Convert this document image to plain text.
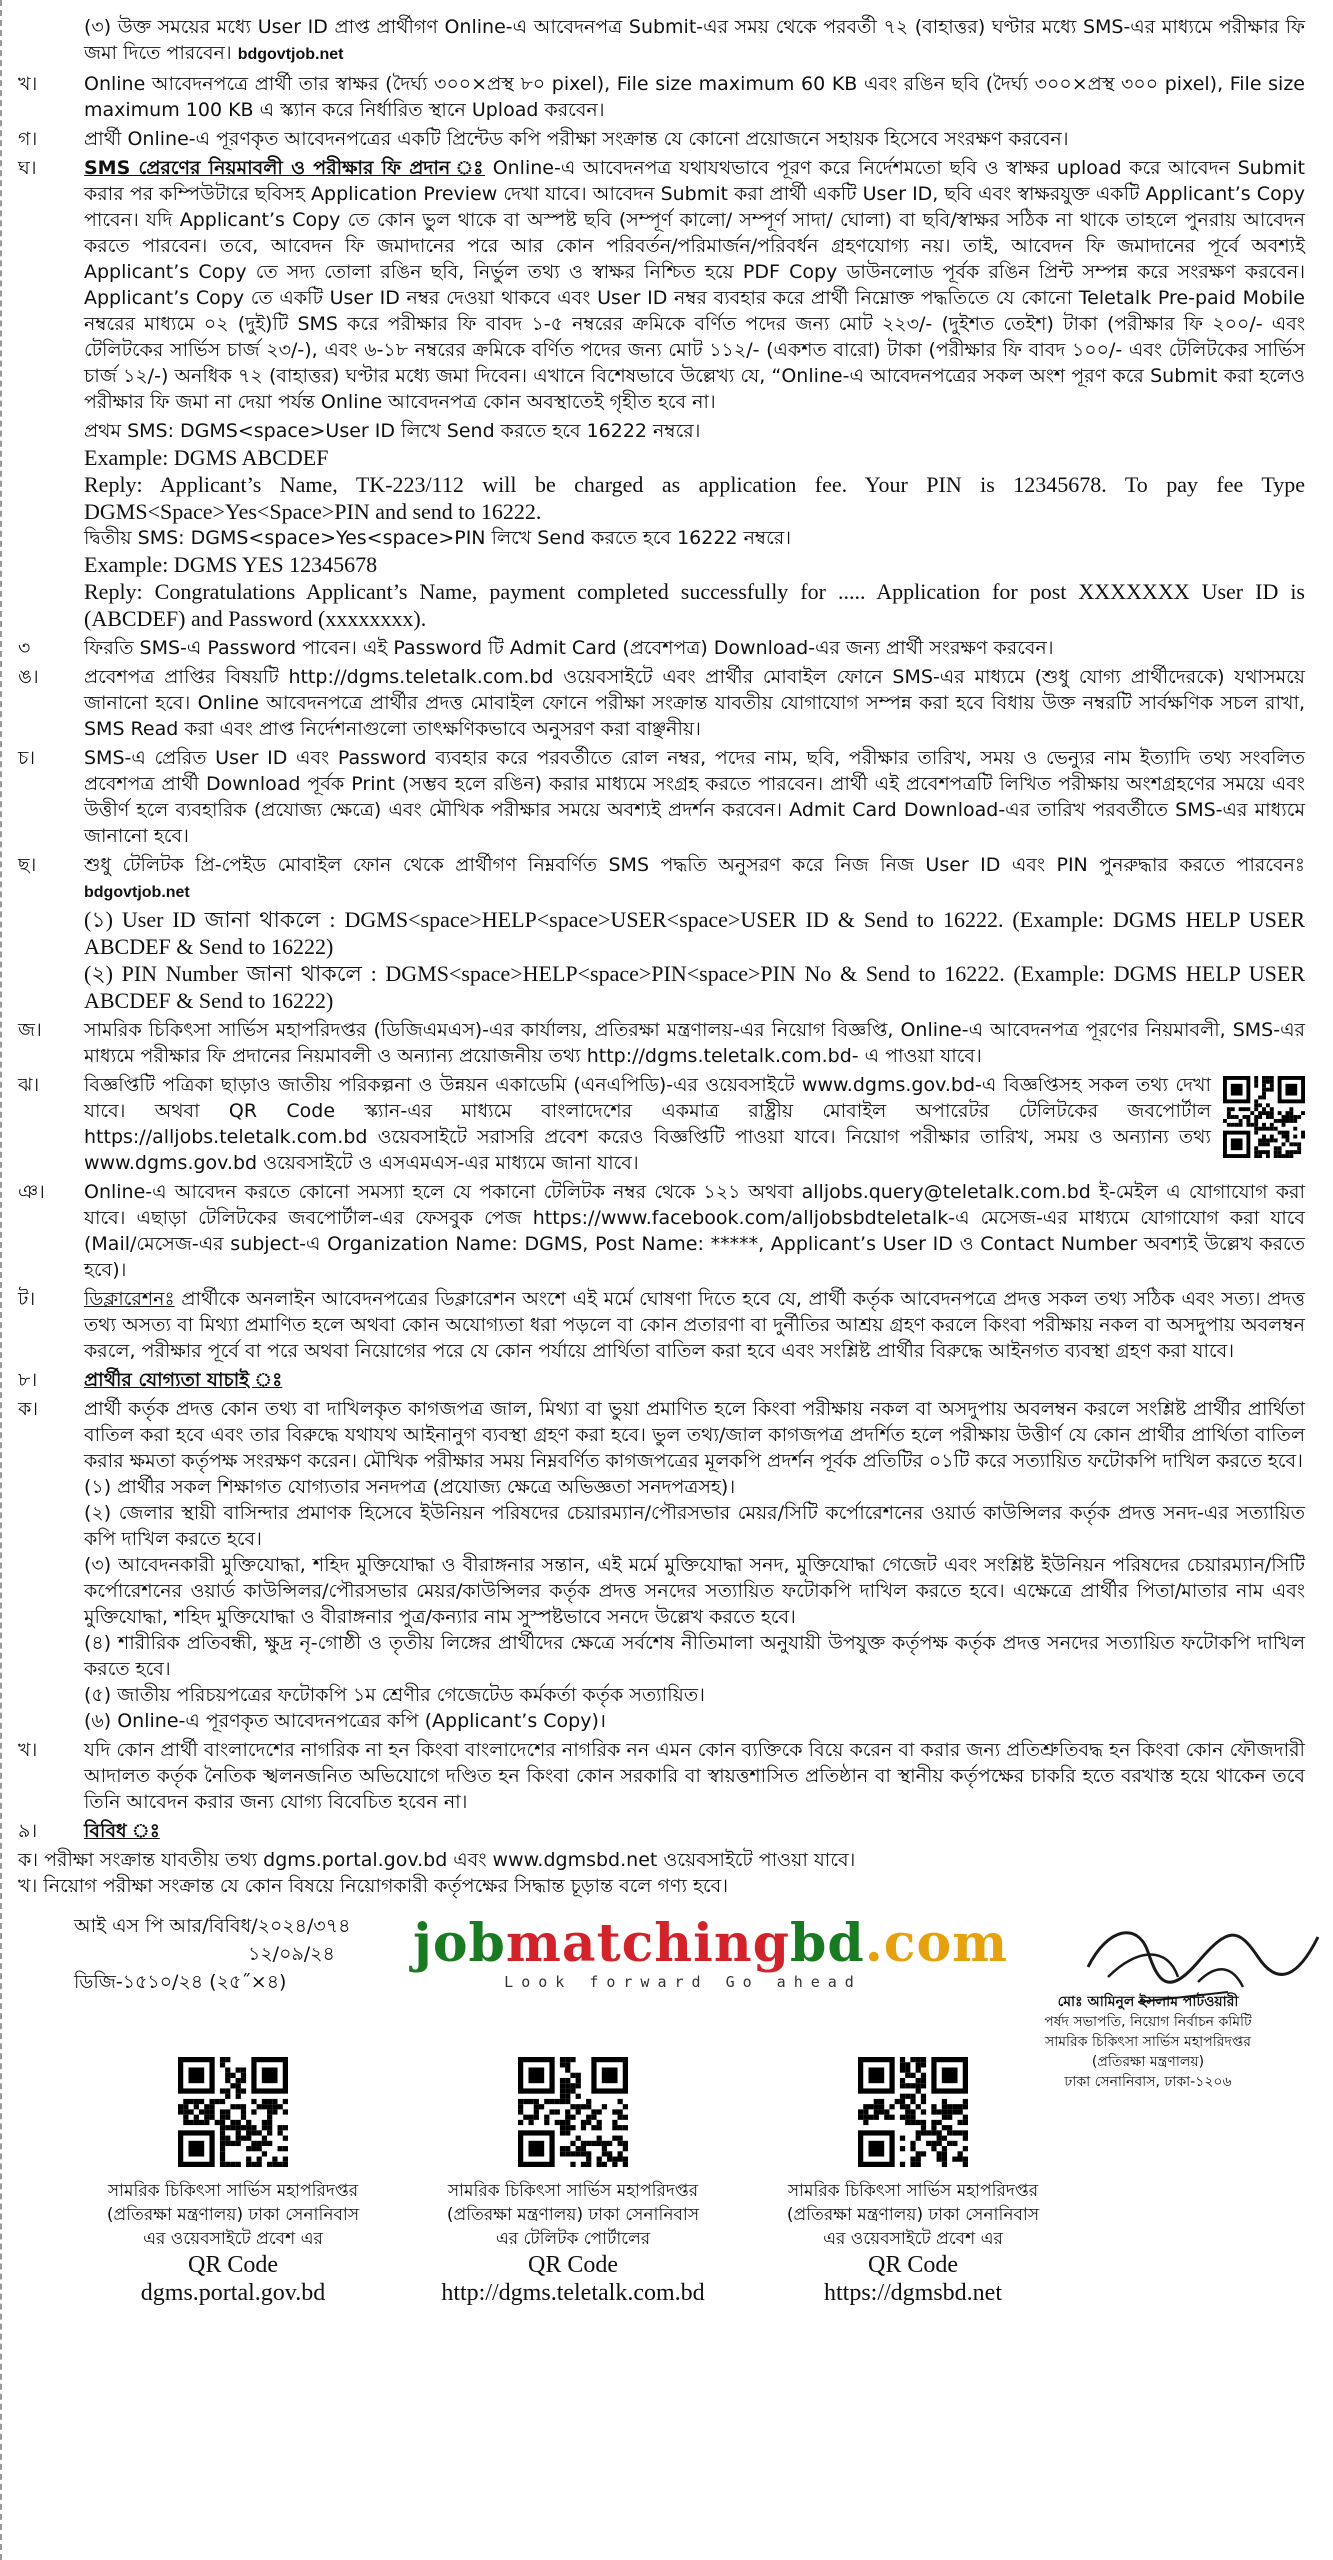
(৩) উক্ত সময়ের মধ্যে User ID প্রাপ্ত প্রার্থীগণ Online-এ আবেদনপত্র Submit-এর সময় থেকে পরবর্তী ৭২ (বাহাত্তর) ঘণ্টার মধ্যে SMS-এর মাধ্যমে পরীক্ষার ফি জমা দিতে পারবেন। bdgovtjob.net
খ।	Online আবেদনপত্রে প্রার্থী তার স্বাক্ষর (দৈর্ঘ্য ৩০০×প্রস্থ ৮০ pixel), File size maximum 60 KB এবং রঙিন ছবি (দৈর্ঘ্য ৩০০×প্রস্থ ৩০০ pixel), File size maximum 100 KB এ স্ক্যান করে নির্ধারিত স্থানে Upload করবেন।
গ।	প্রার্থী Online-এ পূরণকৃত আবেদনপত্রের একটি প্রিন্টেড কপি পরীক্ষা সংক্রান্ত যে কোনো প্রয়োজনে সহায়ক হিসেবে সংরক্ষণ করবেন।
ঘ।	SMS প্রেরণের নিয়মাবলী ও পরীক্ষার ফি প্রদান ঃ Online-এ আবেদনপত্র যথাযথভাবে পূরণ করে নির্দেশমতো ছবি ও স্বাক্ষর upload করে আবেদন Submit করার পর কম্পিউটারে ছবিসহ Application Preview দেখা যাবে। আবেদন Submit করা প্রার্থী একটি User ID, ছবি এবং স্বাক্ষরযুক্ত একটি Applicant’s Copy পাবেন। যদি Applicant’s Copy তে কোন ভুল থাকে বা অস্পষ্ট ছবি (সম্পূর্ণ কালো/ সম্পূর্ণ সাদা/ ঘোলা) বা ছবি/স্বাক্ষর সঠিক না থাকে তাহলে পুনরায় আবেদন করতে পারবেন। তবে, আবেদন ফি জমাদানের পরে আর কোন পরিবর্তন/পরিমার্জন/পরিবর্ধন গ্রহণযোগ্য নয়। তাই, আবেদন ফি জমাদানের পূর্বে অবশ্যই Applicant’s Copy তে সদ্য তোলা রঙিন ছবি, নির্ভুল তথ্য ও স্বাক্ষর নিশ্চিত হয়ে PDF Copy ডাউনলোড পূর্বক রঙিন প্রিন্ট সম্পন্ন করে সংরক্ষণ করবেন। Applicant’s Copy তে একটি User ID নম্বর দেওয়া থাকবে এবং User ID নম্বর ব্যবহার করে প্রার্থী নিম্নোক্ত পদ্ধতিতে যে কোনো Teletalk Pre-paid Mobile নম্বরের মাধ্যমে ০২ (দুই)টি SMS করে পরীক্ষার ফি বাবদ ১-৫ নম্বরের ক্রমিকে বর্ণিত পদের জন্য মোট ২২৩/- (দুইশত তেইশ) টাকা (পরীক্ষার ফি ২০০/- এবং টেলিটকের সার্ভিস চার্জ ২৩/-), এবং ৬-১৮ নম্বরের ক্রমিকে বর্ণিত পদের জন্য মোট ১১২/- (একশত বারো) টাকা (পরীক্ষার ফি বাবদ ১০০/- এবং টেলিটকের সার্ভিস চার্জ ১২/-) অনধিক ৭২ (বাহাত্তর) ঘণ্টার মধ্যে জমা দিবেন। এখানে বিশেষভাবে উল্লেখ্য যে, “Online-এ আবেদনপত্রের সকল অংশ পূরণ করে Submit করা হলেও পরীক্ষার ফি জমা না দেয়া পর্যন্ত Online আবেদনপত্র কোন অবস্থাতেই গৃহীত হবে না।
প্রথম SMS: DGMS<space>User ID লিখে Send করতে হবে 16222 নম্বরে।
Example: DGMS ABCDEF
Reply: Applicant’s Name, TK-223/112 will be charged as application fee. Your PIN is 12345678. To pay fee Type DGMS<Space>Yes<Space>PIN and send to 16222.
দ্বিতীয় SMS: DGMS<space>Yes<space>PIN লিখে Send করতে হবে 16222 নম্বরে।
Example: DGMS YES 12345678
Reply: Congratulations Applicant’s Name, payment completed successfully for ..... Application for post XXXXXXX User ID is (ABCDEF) and Password (xxxxxxxx).
৩	ফিরতি SMS-এ Password পাবেন। এই Password টি Admit Card (প্রবেশপত্র) Download-এর জন্য প্রার্থী সংরক্ষণ করবেন।
ঙ।	প্রবেশপত্র প্রাপ্তির বিষয়টি http://dgms.teletalk.com.bd ওয়েবসাইটে এবং প্রার্থীর মোবাইল ফোনে SMS-এর মাধ্যমে (শুধু যোগ্য প্রার্থীদেরকে) যথাসময়ে জানানো হবে। Online আবেদনপত্রে প্রার্থীর প্রদত্ত মোবাইল ফোনে পরীক্ষা সংক্রান্ত যাবতীয় যোগাযোগ সম্পন্ন করা হবে বিধায় উক্ত নম্বরটি সার্বক্ষণিক সচল রাখা, SMS Read করা এবং প্রাপ্ত নির্দেশনাগুলো তাৎক্ষণিকভাবে অনুসরণ করা বাঞ্ছনীয়।
চ।	SMS-এ প্রেরিত User ID এবং Password ব্যবহার করে পরবর্তীতে রোল নম্বর, পদের নাম, ছবি, পরীক্ষার তারিখ, সময় ও ভেন্যুর নাম ইত্যাদি তথ্য সংবলিত প্রবেশপত্র প্রার্থী Download পূর্বক Print (সম্ভব হলে রঙিন) করার মাধ্যমে সংগ্রহ করতে পারবেন। প্রার্থী এই প্রবেশপত্রটি লিখিত পরীক্ষায় অংশগ্রহণের সময়ে এবং উত্তীর্ণ হলে ব্যবহারিক (প্রযোজ্য ক্ষেত্রে) এবং মৌখিক পরীক্ষার সময়ে অবশ্যই প্রদর্শন করবেন। Admit Card Download-এর তারিখ পরবর্তীতে SMS-এর মাধ্যমে জানানো হবে।
ছ।	শুধু টেলিটক প্রি-পেইড মোবাইল ফোন থেকে প্রার্থীগণ নিম্নবর্ণিত SMS পদ্ধতি অনুসরণ করে নিজ নিজ User ID এবং PIN পুনরুদ্ধার করতে পারবেনঃ bdgovtjob.net
(১) User ID জানা থাকলে : DGMS<space>HELP<space>USER<space>USER ID & Send to 16222. (Example: DGMS HELP USER ABCDEF & Send to 16222)
(২) PIN Number জানা থাকলে : DGMS<space>HELP<space>PIN<space>PIN No & Send to 16222. (Example: DGMS HELP USER ABCDEF & Send to 16222)
জ।	সামরিক চিকিৎসা সার্ভিস মহাপরিদপ্তর (ডিজিএমএস)-এর কার্যালয়, প্রতিরক্ষা মন্ত্রণালয়-এর নিয়োগ বিজ্ঞপ্তি, Online-এ আবেদনপত্র পূরণের নিয়মাবলী, SMS-এর মাধ্যমে পরীক্ষার ফি প্রদানের নিয়মাবলী ও অন্যান্য প্রয়োজনীয় তথ্য http://dgms.teletalk.com.bd- এ পাওয়া যাবে।
ঝ।	বিজ্ঞপ্তিটি পত্রিকা ছাড়াও জাতীয় পরিকল্পনা ও উন্নয়ন একাডেমি (এনএপিডি)-এর ওয়েবসাইটে www.dgms.gov.bd-এ বিজ্ঞপ্তিসহ সকল তথ্য দেখা যাবে। অথবা QR Code স্ক্যান-এর মাধ্যমে বাংলাদেশের একমাত্র রাষ্ট্রীয় মোবাইল অপারেটর টেলিটকের জবপোর্টাল https://alljobs.teletalk.com.bd ওয়েবসাইটে সরাসরি প্রবেশ করেও বিজ্ঞপ্তিটি পাওয়া যাবে। নিয়োগ পরীক্ষার তারিখ, সময় ও অন্যান্য তথ্য www.dgms.gov.bd ওয়েবসাইটে ও এসএমএস-এর মাধ্যমে জানা যাবে।
ঞ।	Online-এ আবেদন করতে কোনো সমস্যা হলে যে পকানো টেলিটক নম্বর থেকে ১২১ অথবা alljobs.query@teletalk.com.bd ই-মেইল এ যোগাযোগ করা যাবে। এছাড়া টেলিটকের জবপোর্টাল-এর ফেসবুক পেজ https://www.facebook.com/alljobsbdteletalk-এ মেসেজ-এর মাধ্যমে যোগাযোগ করা যাবে (Mail/মেসেজ-এর subject-এ Organization Name: DGMS, Post Name: *****, Applicant’s User ID ও Contact Number অবশ্যই উল্লেখ করতে হবে)।
ট।	ডিক্লারেশনঃ প্রার্থীকে অনলাইন আবেদনপত্রের ডিক্লারেশন অংশে এই মর্মে ঘোষণা দিতে হবে যে, প্রার্থী কর্তৃক আবেদনপত্রে প্রদত্ত সকল তথ্য সঠিক এবং সত্য। প্রদত্ত তথ্য অসত্য বা মিথ্যা প্রমাণিত হলে অথবা কোন অযোগ্যতা ধরা পড়লে বা কোন প্রতারণা বা দুর্নীতির আশ্রয় গ্রহণ করলে কিংবা পরীক্ষায় নকল বা অসদুপায় অবলম্বন করলে, পরীক্ষার পূর্বে বা পরে অথবা নিয়োগের পরে যে কোন পর্যায়ে প্রার্থিতা বাতিল করা হবে এবং সংশ্লিষ্ট প্রার্থীর বিরুদ্ধে আইনগত ব্যবস্থা গ্রহণ করা যাবে।
৮।	প্রার্থীর যোগ্যতা যাচাই ঃ
ক।	প্রার্থী কর্তৃক প্রদত্ত কোন তথ্য বা দাখিলকৃত কাগজপত্র জাল, মিথ্যা বা ভুয়া প্রমাণিত হলে কিংবা পরীক্ষায় নকল বা অসদুপায় অবলম্বন করলে সংশ্লিষ্ট প্রার্থীর প্রার্থিতা বাতিল করা হবে এবং তার বিরুদ্ধে যথাযথ আইনানুগ ব্যবস্থা গ্রহণ করা হবে। ভুল তথ্য/জাল কাগজপত্র প্রদর্শিত হলে পরীক্ষায় উত্তীর্ণ যে কোন প্রার্থীর প্রার্থিতা বাতিল করার ক্ষমতা কর্তৃপক্ষ সংরক্ষণ করেন। মৌখিক পরীক্ষার সময় নিম্নবর্ণিত কাগজপত্রের মূলকপি প্রদর্শন পূর্বক প্রতিটির ০১টি করে সত্যায়িত ফটোকপি দাখিল করতে হবে।
(১) প্রার্থীর সকল শিক্ষাগত যোগ্যতার সনদপত্র (প্রযোজ্য ক্ষেত্রে অভিজ্ঞতা সনদপত্রসহ)।
(২) জেলার স্থায়ী বাসিন্দার প্রমাণক হিসেবে ইউনিয়ন পরিষদের চেয়ারম্যান/পৌরসভার মেয়র/সিটি কর্পোরেশনের ওয়ার্ড কাউন্সিলর কর্তৃক প্রদত্ত সনদ-এর সত্যায়িত কপি দাখিল করতে হবে।
(৩) আবেদনকারী মুক্তিযোদ্ধা, শহিদ মুক্তিযোদ্ধা ও বীরাঙ্গনার সন্তান, এই মর্মে মুক্তিযোদ্ধা সনদ, মুক্তিযোদ্ধা গেজেট এবং সংশ্লিষ্ট ইউনিয়ন পরিষদের চেয়ারম্যান/সিটি কর্পোরেশনের ওয়ার্ড কাউন্সিলর/পৌরসভার মেয়র/কাউন্সিলর কর্তৃক প্রদত্ত সনদের সত্যায়িত ফটোকপি দাখিল করতে হবে। এক্ষেত্রে প্রার্থীর পিতা/মাতার নাম এবং মুক্তিযোদ্ধা, শহিদ মুক্তিযোদ্ধা ও বীরাঙ্গনার পুত্র/কন্যার নাম সুস্পষ্টভাবে সনদে উল্লেখ করতে হবে।
(৪) শারীরিক প্রতিবন্ধী, ক্ষুদ্র নৃ-গোষ্ঠী ও তৃতীয় লিঙ্গের প্রার্থীদের ক্ষেত্রে সর্বশেষ নীতিমালা অনুযায়ী উপযুক্ত কর্তৃপক্ষ কর্তৃক প্রদত্ত সনদের সত্যায়িত ফটোকপি দাখিল করতে হবে।
(৫) জাতীয় পরিচয়পত্রের ফটোকপি ১ম শ্রেণীর গেজেটেড কর্মকর্তা কর্তৃক সত্যায়িত।
(৬) Online-এ পূরণকৃত আবেদনপত্রের কপি (Applicant’s Copy)।
খ।	যদি কোন প্রার্থী বাংলাদেশের নাগরিক না হন কিংবা বাংলাদেশের নাগরিক নন এমন কোন ব্যক্তিকে বিয়ে করেন বা করার জন্য প্রতিশ্রুতিবদ্ধ হন কিংবা কোন ফৌজদারী আদালত কর্তৃক নৈতিক স্খলনজনিত অভিযোগে দণ্ডিত হন কিংবা কোন সরকারি বা স্বায়ত্তশাসিত প্রতিষ্ঠান বা স্থানীয় কর্তৃপক্ষের চাকরি হতে বরখাস্ত হয়ে থাকেন তবে তিনি আবেদন করার জন্য যোগ্য বিবেচিত হবেন না।
৯।	বিবিধ ঃ
ক। পরীক্ষা সংক্রান্ত যাবতীয় তথ্য dgms.portal.gov.bd এবং www.dgmsbd.net ওয়েবসাইটে পাওয়া যাবে।
খ। নিয়োগ পরীক্ষা সংক্রান্ত যে কোন বিষয়ে নিয়োগকারী কর্তৃপক্ষের সিদ্ধান্ত চূড়ান্ত বলে গণ্য হবে।
আই এস পি আর/বিবিধ/২০২৪/৩৭৪
১২/০৯/২৪
ডিজি-১৫১০/২৪ (২৫˝×৪)
jobmatchingbd.com
Look forward Go ahead
মোঃ আমিনুল ইসলাম পাটওয়ারী
পর্ষদ সভাপতি, নিয়োগ নির্বাচন কমিটি
সামরিক চিকিৎসা সার্ভিস মহাপরিদপ্তর
(প্রতিরক্ষা মন্ত্রণালয়)
ঢাকা সেনানিবাস, ঢাকা-১২০৬
সামরিক চিকিৎসা সার্ভিস মহাপরিদপ্তর
(প্রতিরক্ষা মন্ত্রণালয়) ঢাকা সেনানিবাস
এর ওয়েবসাইটে প্রবেশ এর
QR Code
dgms.portal.gov.bd
সামরিক চিকিৎসা সার্ভিস মহাপরিদপ্তর
(প্রতিরক্ষা মন্ত্রণালয়) ঢাকা সেনানিবাস
এর টেলিটক পোর্টালের
QR Code
http://dgms.teletalk.com.bd
সামরিক চিকিৎসা সার্ভিস মহাপরিদপ্তর
(প্রতিরক্ষা মন্ত্রণালয়) ঢাকা সেনানিবাস
এর ওয়েবসাইটে প্রবেশ এর
QR Code
https://dgmsbd.net
